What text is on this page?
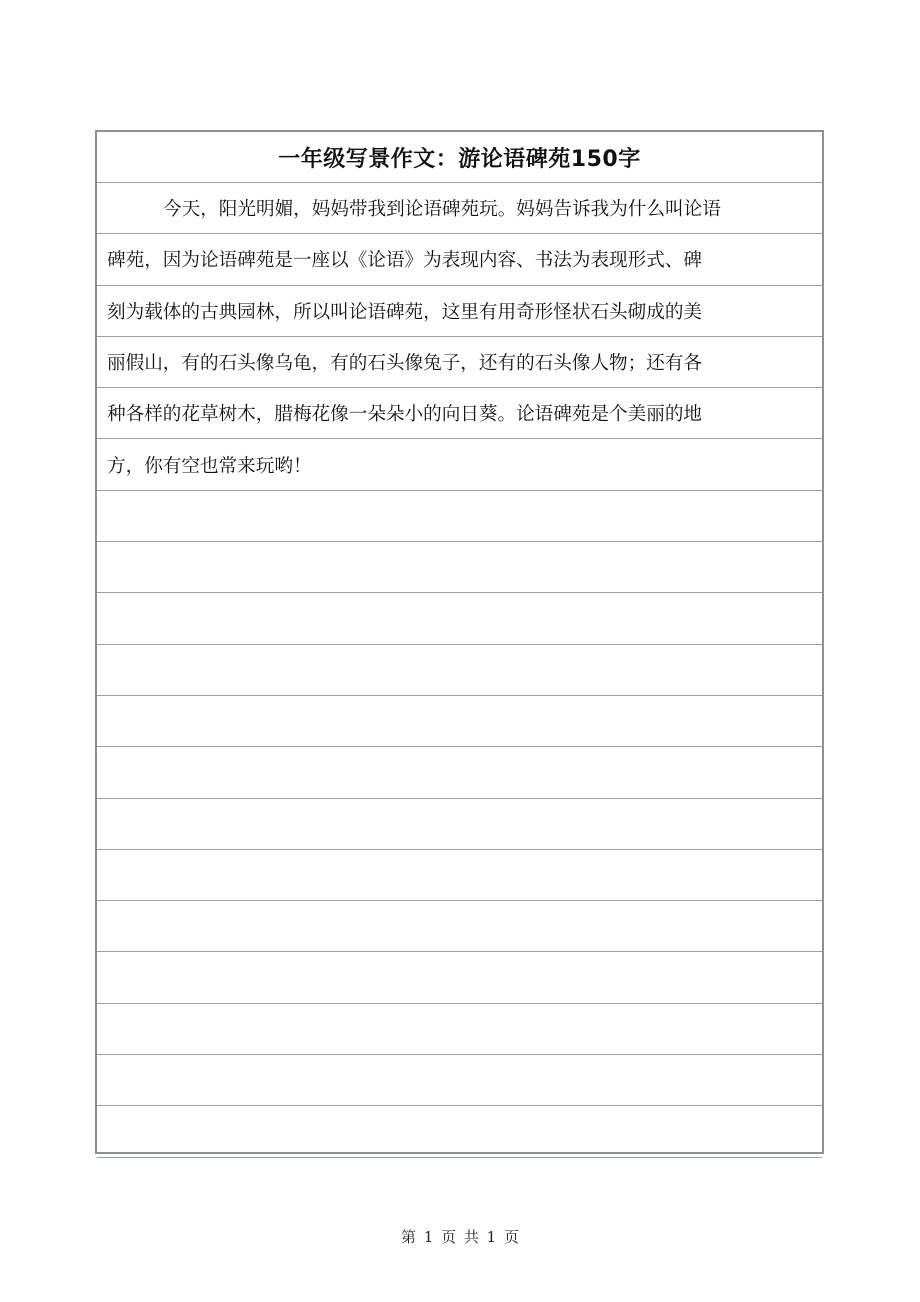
一年级写景作文：游论语碑苑150字
今天，阳光明媚，妈妈带我到论语碑苑玩。妈妈告诉我为什么叫论语
碑苑，因为论语碑苑是一座以《论语》为表现内容、书法为表现形式、碑
刻为载体的古典园林，所以叫论语碑苑，这里有用奇形怪状石头砌成的美
丽假山，有的石头像乌龟，有的石头像兔子，还有的石头像人物；还有各
种各样的花草树木，腊梅花像一朵朵小的向日葵。论语碑苑是个美丽的地
方，你有空也常来玩哟！
第 1 页 共 1 页
